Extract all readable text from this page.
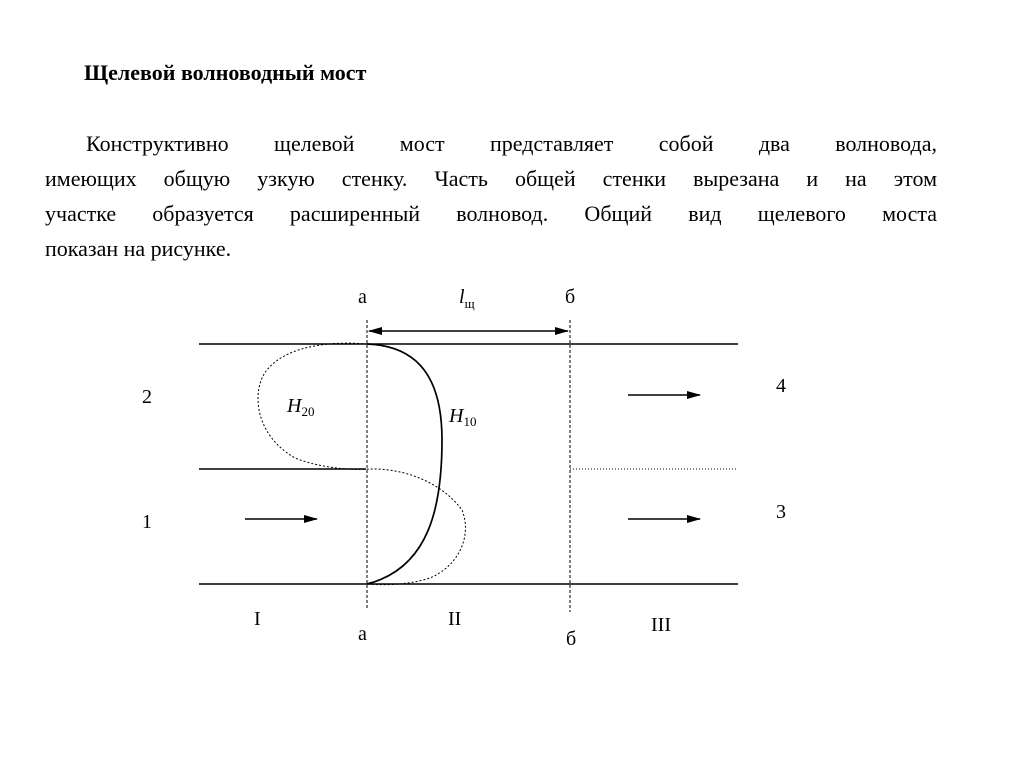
Щелевой волноводный мост
Конструктивно щелевой мост представляет собой два волновода,
имеющих общую узкую стенку. Часть общей стенки вырезана и на этом
участке образуется расширенный волновод. Общий вид щелевого моста
показан на рисунке.
а	б
а	б
$l_щ$
$H_{20}$	$H_{10}$
2
1
4
3
I	II	III
